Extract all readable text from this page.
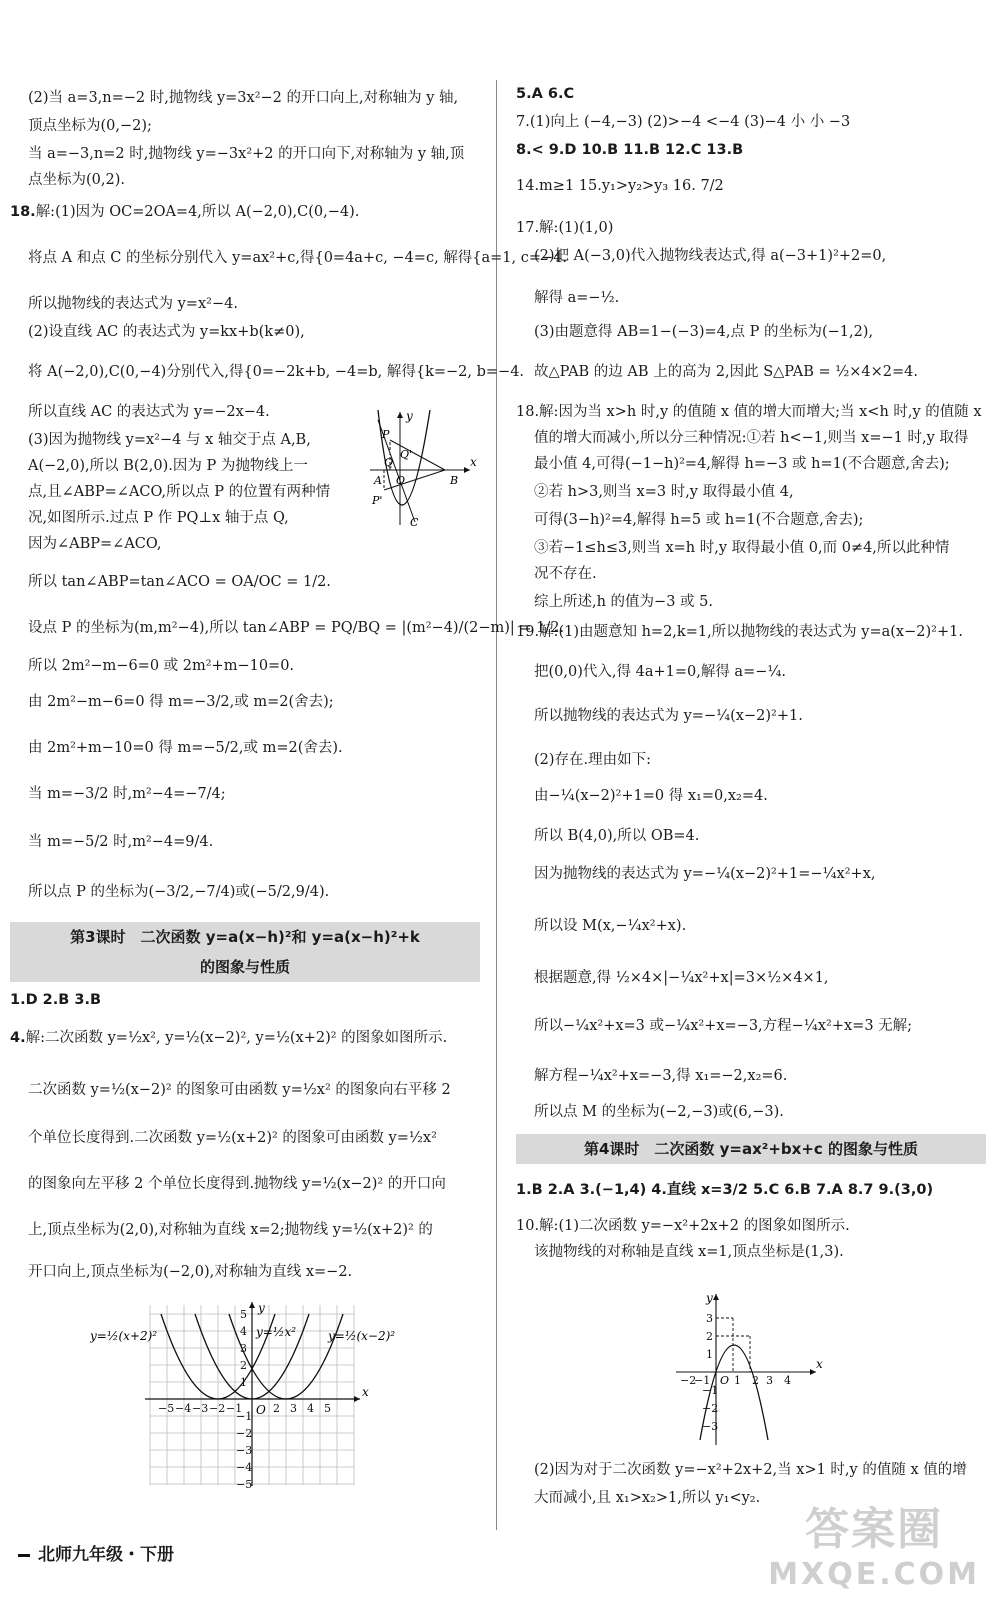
(2)当 a=3,n=−2 时,抛物线 y=3x²−2 的开口向上,对称轴为 y 轴,
顶点坐标为(0,−2);
当 a=−3,n=2 时,抛物线 y=−3x²+2 的开口向下,对称轴为 y 轴,顶
点坐标为(0,2).
18.解:(1)因为 OC=2OA=4,所以 A(−2,0),C(0,−4).
将点 A 和点 C 的坐标分别代入 y=ax²+c,得{0=4a+c, −4=c, 解得{a=1, c=−4.
所以抛物线的表达式为 y=x²−4.
(2)设直线 AC 的表达式为 y=kx+b(k≠0),
将 A(−2,0),C(0,−4)分别代入,得{0=−2k+b, −4=b, 解得{k=−2, b=−4.
所以直线 AC 的表达式为 y=−2x−4.
(3)因为抛物线 y=x²−4 与 x 轴交于点 A,B,
A(−2,0),所以 B(2,0).因为 P 为抛物线上一
点,且∠ABP=∠ACO,所以点 P 的位置有两种情
况,如图所示.过点 P 作 PQ⊥x 轴于点 Q,
因为∠ABP=∠ACO,
所以 tan∠ABP=tan∠ACO = OA/OC = 1/2.
设点 P 的坐标为(m,m²−4),所以 tan∠ABP = PQ/BQ = |(m²−4)/(2−m)| = 1/2.
所以 2m²−m−6=0 或 2m²+m−10=0.
由 2m²−m−6=0 得 m=−3/2,或 m=2(舍去);
由 2m²+m−10=0 得 m=−5/2,或 m=2(舍去).
当 m=−3/2 时,m²−4=−7/4;
当 m=−5/2 时,m²−4=9/4.
所以点 P 的坐标为(−3/2,−7/4)或(−5/2,9/4).
y
x
O
A	B
C
Q
Q'
P
P'
第3课时　二次函数 y=a(x−h)²和 y=a(x−h)²+k
的图象与性质
1.D 2.B 3.B
4.解:二次函数 y=½x², y=½(x−2)², y=½(x+2)² 的图象如图所示.
二次函数 y=½(x−2)² 的图象可由函数 y=½x² 的图象向右平移 2
个单位长度得到.二次函数 y=½(x+2)² 的图象可由函数 y=½x²
的图象向左平移 2 个单位长度得到.抛物线 y=½(x−2)² 的开口向
上,顶点坐标为(2,0),对称轴为直线 x=2;抛物线 y=½(x+2)² 的
开口向上,顶点坐标为(−2,0),对称轴为直线 x=−2.
−5 −4 −3 −2 −1	2 3 4 5
5
4
3
2
1
−1
−2
−3
−4
−5
O
x
y
y=½(x+2)²	y=½x²	y=½(x−2)²
5.A 6.C
7.(1)向上 (−4,−3) (2)>−4 <−4 (3)−4 小 小 −3
8.< 9.D 10.B 11.B 12.C 13.B
14.m≥1 15.y₁>y₂>y₃ 16. 7/2
17.解:(1)(1,0)
(2)把 A(−3,0)代入抛物线表达式,得 a(−3+1)²+2=0,
解得 a=−½.
(3)由题意得 AB=1−(−3)=4,点 P 的坐标为(−1,2),
故△PAB 的边 AB 上的高为 2,因此 S△PAB = ½×4×2=4.
18.解:因为当 x>h 时,y 的值随 x 值的增大而增大;当 x<h 时,y 的值随 x
值的增大而减小,所以分三种情况:①若 h<−1,则当 x=−1 时,y 取得
最小值 4,可得(−1−h)²=4,解得 h=−3 或 h=1(不合题意,舍去);
②若 h>3,则当 x=3 时,y 取得最小值 4,
可得(3−h)²=4,解得 h=5 或 h=1(不合题意,舍去);
③若−1≤h≤3,则当 x=h 时,y 取得最小值 0,而 0≠4,所以此种情
况不存在.
综上所述,h 的值为−3 或 5.
19.解:(1)由题意知 h=2,k=1,所以抛物线的表达式为 y=a(x−2)²+1.
把(0,0)代入,得 4a+1=0,解得 a=−¼.
所以抛物线的表达式为 y=−¼(x−2)²+1.
(2)存在.理由如下:
由−¼(x−2)²+1=0 得 x₁=0,x₂=4.
所以 B(4,0),所以 OB=4.
因为抛物线的表达式为 y=−¼(x−2)²+1=−¼x²+x,
所以设 M(x,−¼x²+x).
根据题意,得 ½×4×|−¼x²+x|=3×½×4×1,
所以−¼x²+x=3 或−¼x²+x=−3,方程−¼x²+x=3 无解;
解方程−¼x²+x=−3,得 x₁=−2,x₂=6.
所以点 M 的坐标为(−2,−3)或(6,−3).
第4课时　二次函数 y=ax²+bx+c 的图象与性质
1.B 2.A 3.(−1,4) 4.直线 x=3/2 5.C 6.B 7.A 8.7 9.(3,0)
10.解:(1)二次函数 y=−x²+2x+2 的图象如图所示.
该抛物线的对称轴是直线 x=1,顶点坐标是(1,3).
−2
−1 1 2 3 4
3
2
1
−1
−2
−3
O
x
y
(2)因为对于二次函数 y=−x²+2x+2,当 x>1 时,y 的值随 x 值的增
大而减小,且 x₁>x₂>1,所以 y₁<y₂.
北师九年级・下册	答案圈
MXQE.COM
